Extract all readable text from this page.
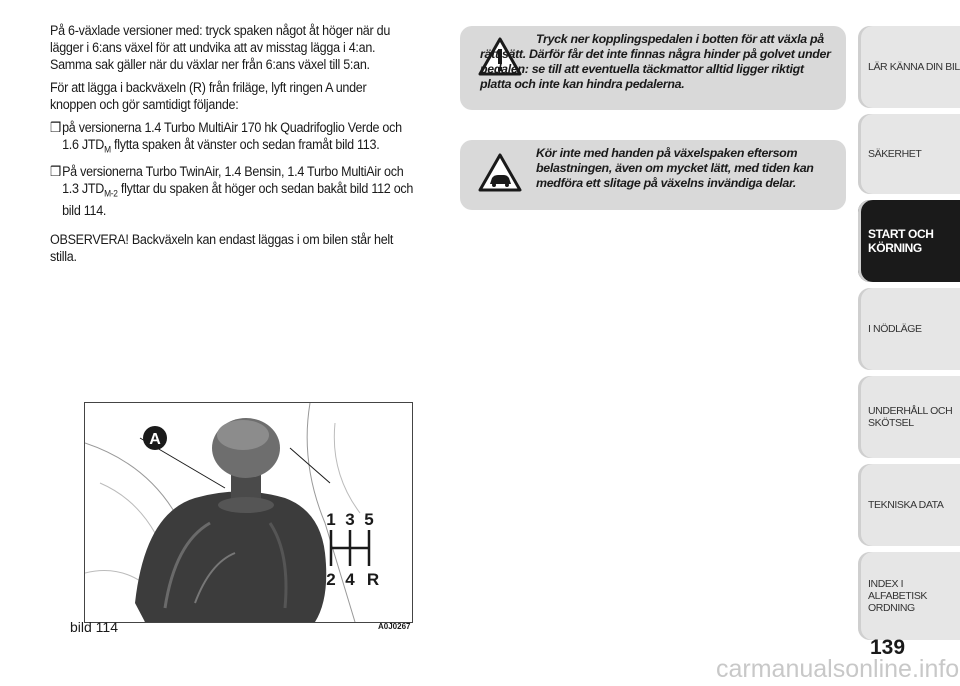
På 6-växlade versioner med: tryck spaken något åt höger när du lägger i 6:ans växel för att undvika att av misstag lägga i 4:an. Samma sak gäller när du växlar ner från 6:ans växel till 5:an.

För att lägga i backväxeln (R) från friläge, lyft ringen A under knoppen och gör samtidigt följande:

❒ på versionerna 1.4 Turbo MultiAir 170 hk Quadrifoglio Verde och 1.6 $JTD_M$ flytta spaken åt vänster och sedan framåt bild 113.
❒ På versionerna Turbo TwinAir, 1.4 Bensin, 1.4 Turbo MultiAir och 1.3 $JTD_{M-2}$ flyttar du spaken åt höger och sedan bakåt bild 112 och bild 114.

OBSERVERA! Backväxeln kan endast läggas i om bilen står helt stilla.

Tryck ner kopplingspedalen i botten för att växla på rätt sätt. Därför får det inte finnas några hinder på golvet under pedalen: se till att eventuella täckmattor alltid ligger riktigt platta och inte kan hindra pedalerna.
Kör inte med handen på växelspaken eftersom belastningen, även om mycket lätt, med tiden kan medföra ett slitage på växelns invändiga delar.
LÄR KÄNNA DIN BIL
SÄKERHET
START OCH
KÖRNING
I NÖDLÄGE
UNDERHÅLL OCH
SKÖTSEL
TEKNISKA DATA
INDEX I ALFABETISK
ORDNING
A
1 3 5
2 4 R
bild 114	A0J0267
139
carmanualsonline.info
